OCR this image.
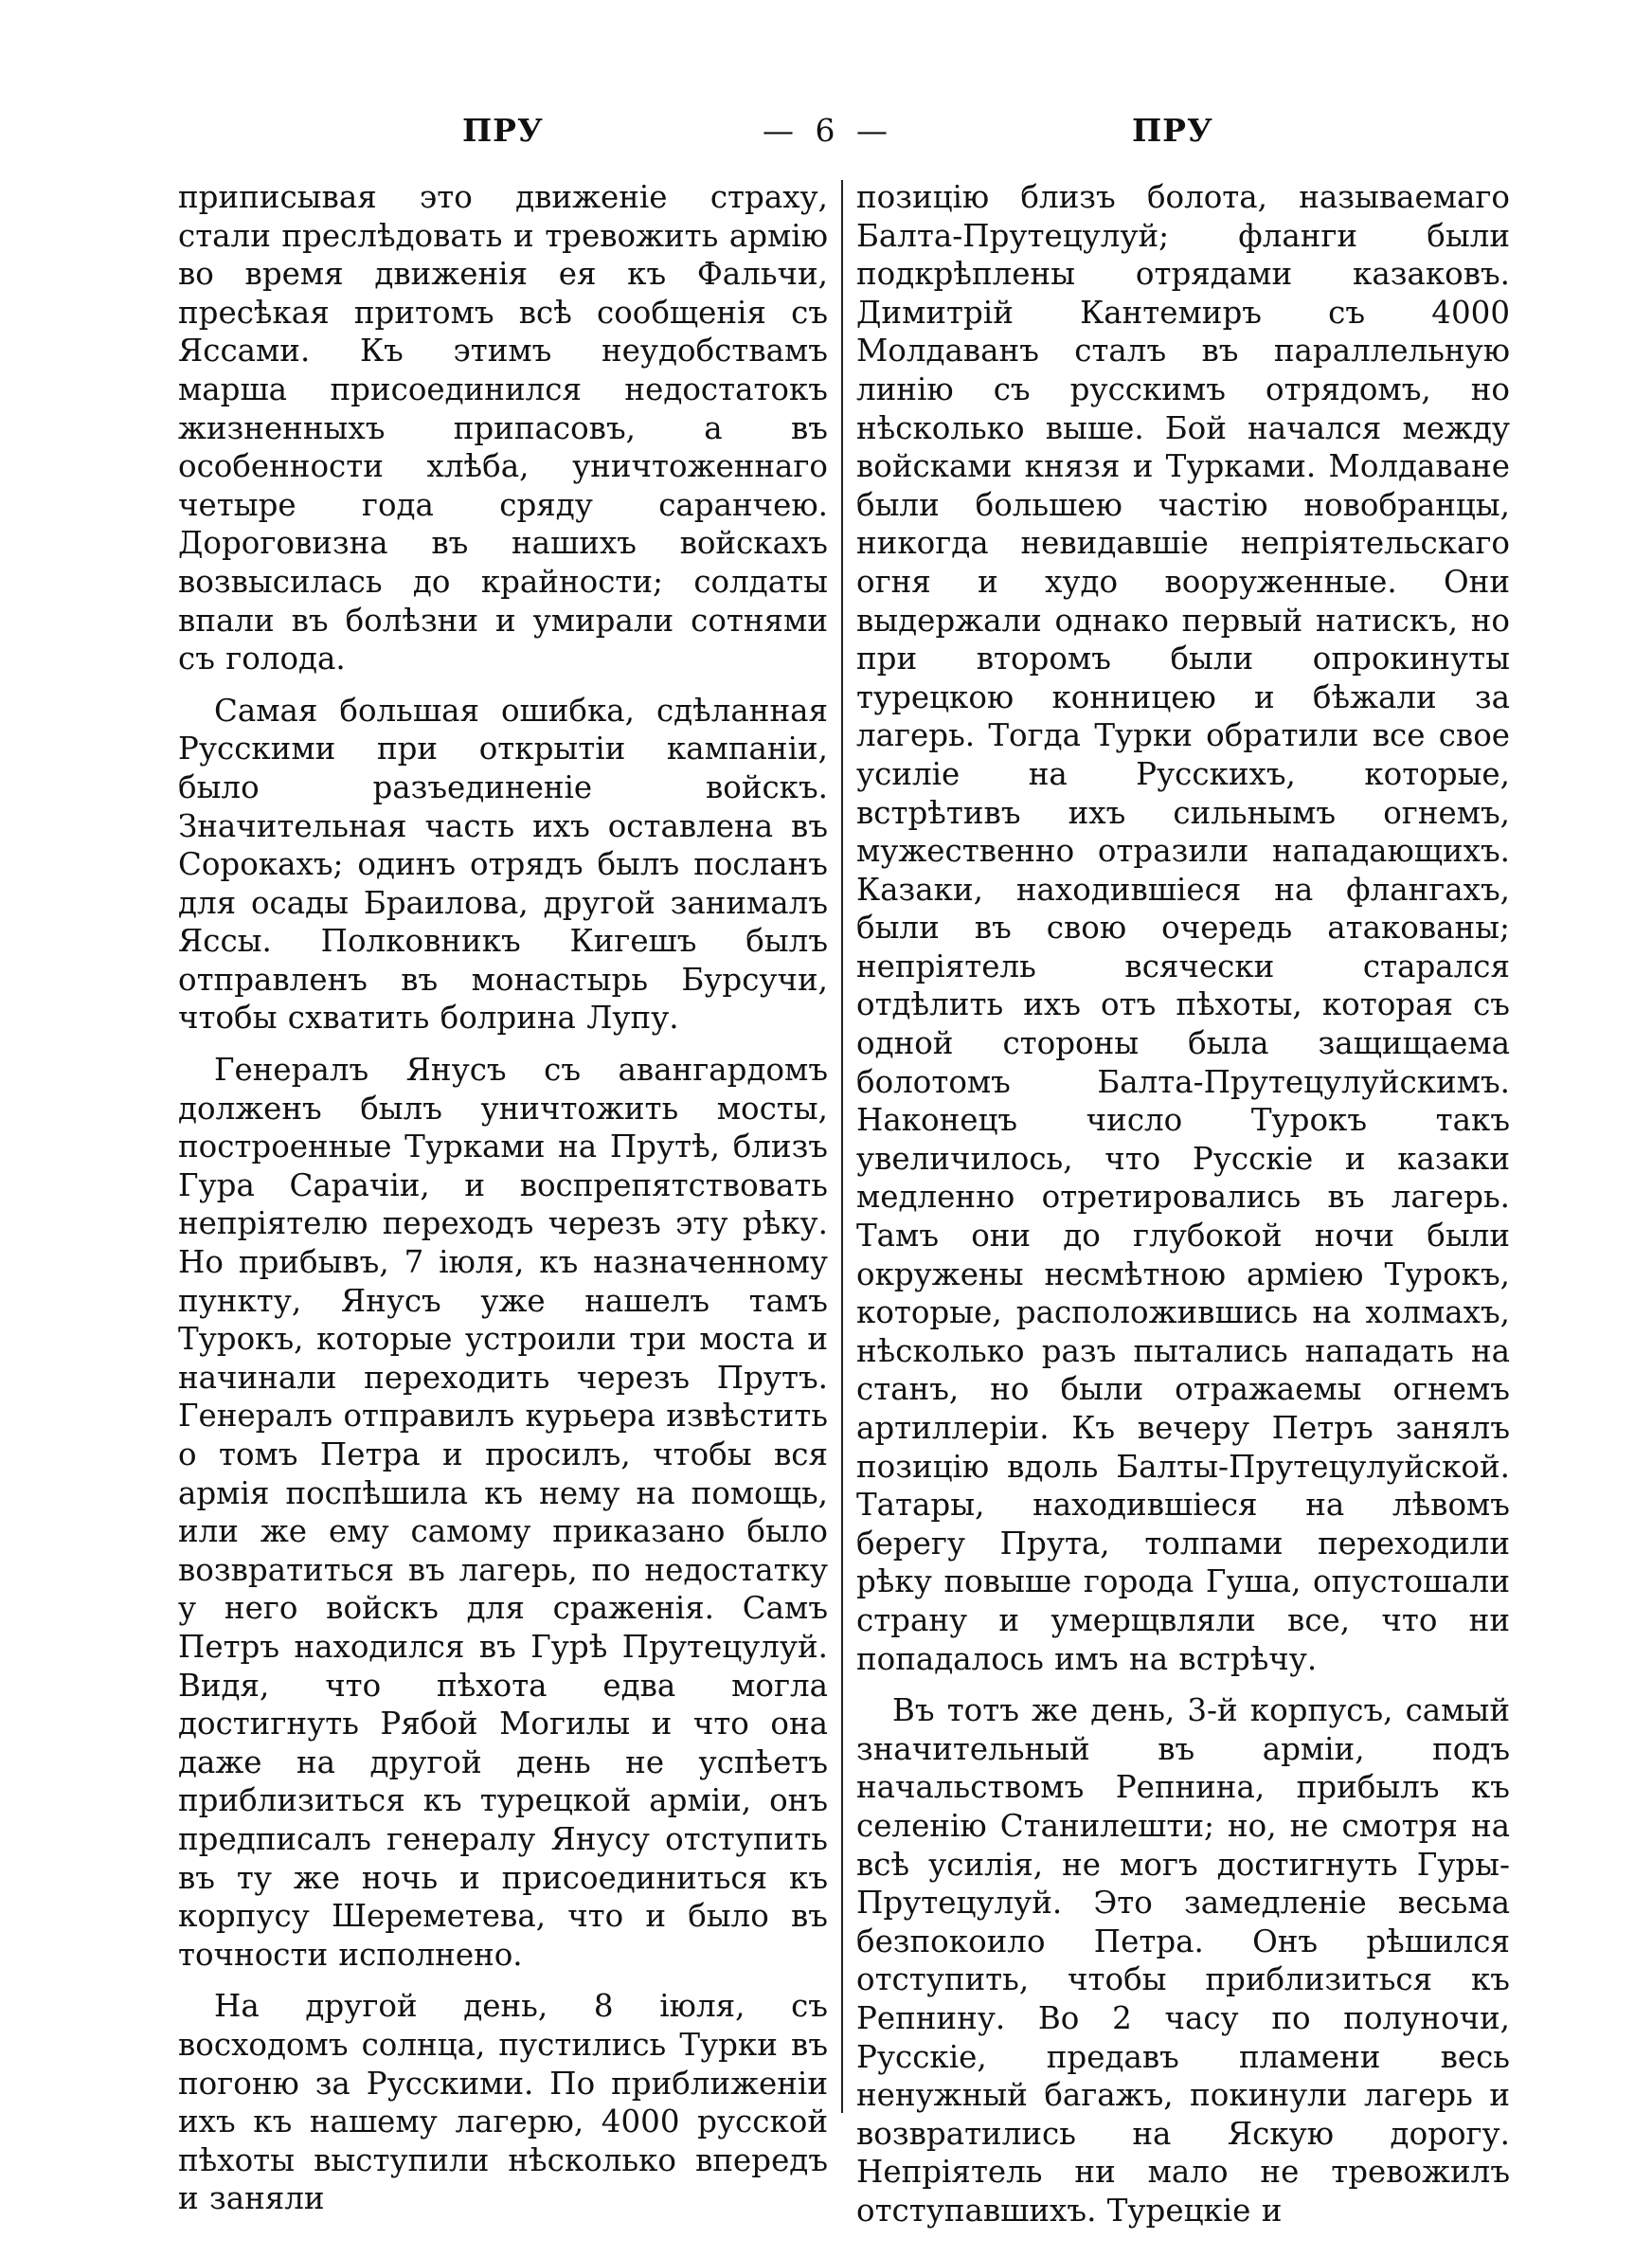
ПРУ	— 6 —	ПРУ

приписывая это движеніе страху, стали преслѣдовать и тревожить армію во время движенія ея къ Фальчи, пресѣкая притомъ всѣ сообщенія съ Яссами. Къ этимъ неудобствамъ марша присоединился недостатокъ жизненныхъ припасовъ, а въ особенности хлѣба, уничтоженнаго четыре года сряду саранчею. Дороговизна въ нашихъ войскахъ возвысилась до крайности; солдаты впали въ болѣзни и умирали сотнями съ голода.

Самая большая ошибка, сдѣланная Русскими при открытіи кампаніи, было разъединеніе войскъ. Значительная часть ихъ оставлена въ Сорокахъ; одинъ отрядъ былъ посланъ для осады Браилова, другой занималъ Яссы. Полковникъ Кигешъ былъ отправленъ въ монастырь Бурсучи, чтобы схватить болрина Лупу.

Генералъ Янусъ съ авангардомъ долженъ былъ уничтожить мосты, построенные Турками на Прутѣ, близъ Гура Сарачіи, и воспрепятствовать непріятелю переходъ черезъ эту рѣку. Но прибывъ, 7 іюля, къ назначенному пункту, Янусъ уже нашелъ тамъ Турокъ, которые устроили три моста и начинали переходить черезъ Прутъ. Генералъ отправилъ курьера извѣстить о томъ Петра и просилъ, чтобы вся армія поспѣшила къ нему на помощь, или же ему самому приказано было возвратиться въ лагерь, по недостатку у него войскъ для сраженія. Самъ Петръ находился въ Гурѣ Прутецулуй. Видя, что пѣхота едва могла достигнуть Рябой Могилы и что она даже на другой день не успѣетъ приблизиться къ турецкой арміи, онъ предписалъ генералу Янусу отступить въ ту же ночь и присоединиться къ корпусу Шереметева, что и было въ точности исполнено.

На другой день, 8 іюля, съ восходомъ солнца, пустились Турки въ погоню за Русскими. По приближеніи ихъ къ нашему лагерю, 4000 русской пѣхоты выступили нѣсколько впередъ и заняли

позицію близъ болота, называемаго Балта-Прутецулуй; фланги были подкрѣплены отрядами казаковъ. Димитрій Кантемиръ съ 4000 Молдаванъ сталъ въ параллельную линію съ русскимъ отрядомъ, но нѣсколько выше. Бой начался между войсками князя и Турками. Молдаване были большею частію новобранцы, никогда невидавшіе непріятельскаго огня и худо вооруженные. Они выдержали однако первый натискъ, но при второмъ были опрокинуты турецкою конницею и бѣжали за лагерь. Тогда Турки обратили все свое усиліе на Русскихъ, которые, встрѣтивъ ихъ сильнымъ огнемъ, мужественно отразили нападающихъ. Казаки, находившіеся на флангахъ, были въ свою очередь атакованы; непріятель всячески старался отдѣлить ихъ отъ пѣхоты, которая съ одной стороны была защищаема болотомъ Балта-Прутецулуйскимъ. Наконецъ число Турокъ такъ увеличилось, что Русскіе и казаки медленно отретировались въ лагерь. Тамъ они до глубокой ночи были окружены несмѣтною арміею Турокъ, которые, расположившись на холмахъ, нѣсколько разъ пытались нападать на станъ, но были отражаемы огнемъ артиллеріи. Къ вечеру Петръ занялъ позицію вдоль Балты-Прутецулуйской. Татары, находившіеся на лѣвомъ берегу Прута, толпами переходили рѣку повыше города Гуша, опустошали страну и умерщвляли все, что ни попадалось имъ на встрѣчу.

Въ тотъ же день, 3-й корпусъ, самый значительный въ арміи, подъ начальствомъ Репнина, прибылъ къ селенію Станилешти; но, не смотря на всѣ усилія, не могъ достигнуть Гуры-Прутецулуй. Это замедленіе весьма безпокоило Петра. Онъ рѣшился отступить, чтобы приблизиться къ Репнину. Во 2 часу по полуночи, Русскіе, предавъ пламени весь ненужный багажъ, покинули лагерь и возвратились на Яскую дорогу. Непріятель ни мало не тревожилъ отступавшихъ. Турецкіе и
